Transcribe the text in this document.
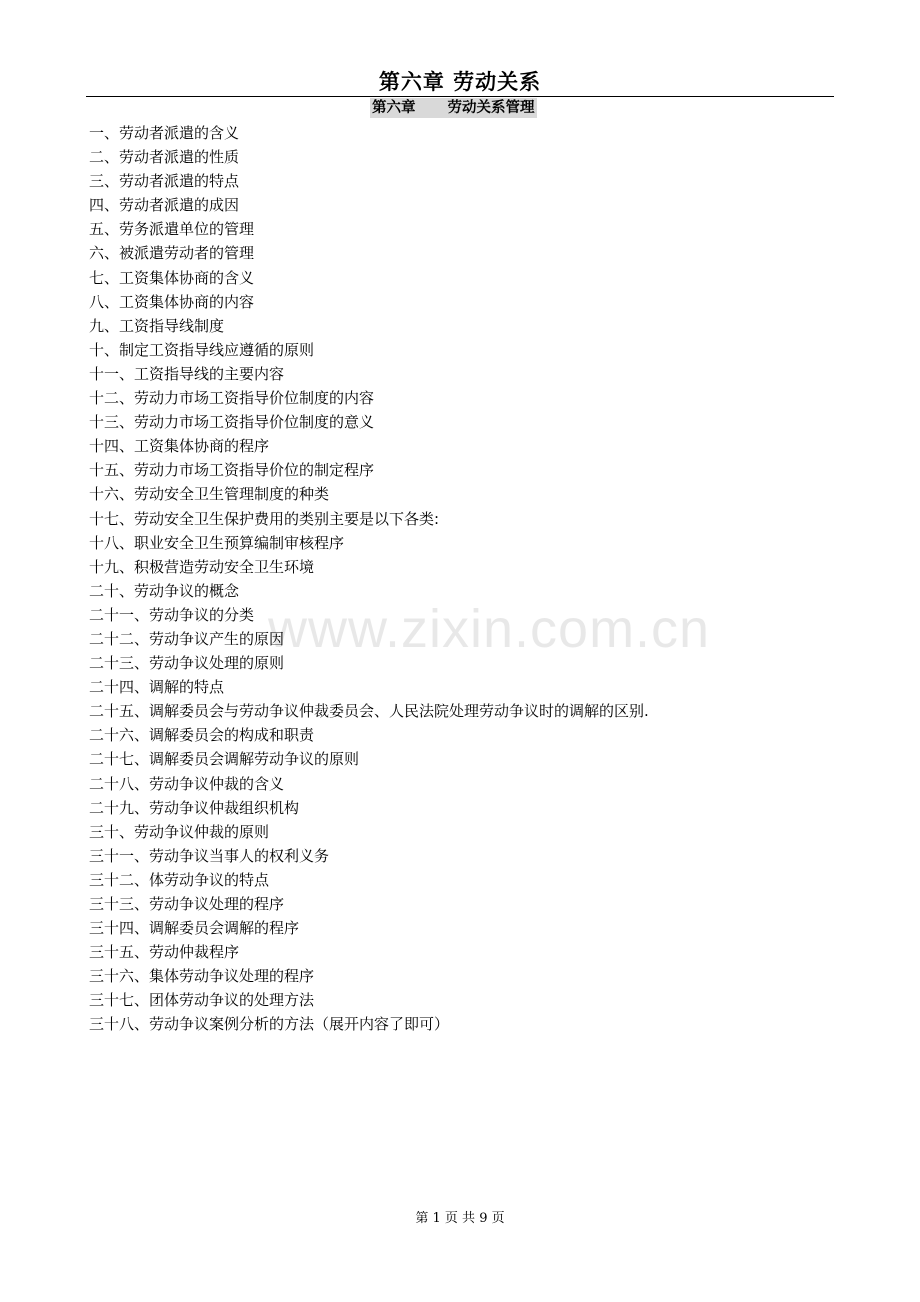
第六章 劳动关系
第六章 劳动关系管理
一、劳动者派遣的含义
二、劳动者派遣的性质
三、劳动者派遣的特点
四、劳动者派遣的成因
五、劳务派遣单位的管理
六、被派遣劳动者的管理
七、工资集体协商的含义
八、工资集体协商的内容
九、工资指导线制度
十、制定工资指导线应遵循的原则
十一、工资指导线的主要内容
十二、劳动力市场工资指导价位制度的内容
十三、劳动力市场工资指导价位制度的意义
十四、工资集体协商的程序
十五、劳动力市场工资指导价位的制定程序
十六、劳动安全卫生管理制度的种类
十七、劳动安全卫生保护费用的类别主要是以下各类:
十八、职业安全卫生预算编制审核程序
十九、积极营造劳动安全卫生环境
二十、劳动争议的概念
二十一、劳动争议的分类
二十二、劳动争议产生的原因
二十三、劳动争议处理的原则
二十四、调解的特点
二十五、调解委员会与劳动争议仲裁委员会、人民法院处理劳动争议时的调解的区别.
二十六、调解委员会的构成和职责
二十七、调解委员会调解劳动争议的原则
二十八、劳动争议仲裁的含义
二十九、劳动争议仲裁组织机构
三十、劳动争议仲裁的原则
三十一、劳动争议当事人的权利义务
三十二、体劳动争议的特点
三十三、劳动争议处理的程序
三十四、调解委员会调解的程序
三十五、劳动仲裁程序
三十六、集体劳动争议处理的程序
三十七、团体劳动争议的处理方法
三十八、劳动争议案例分析的方法（展开内容了即可）
www.zixin.com.cn
第 1 页 共 9 页
